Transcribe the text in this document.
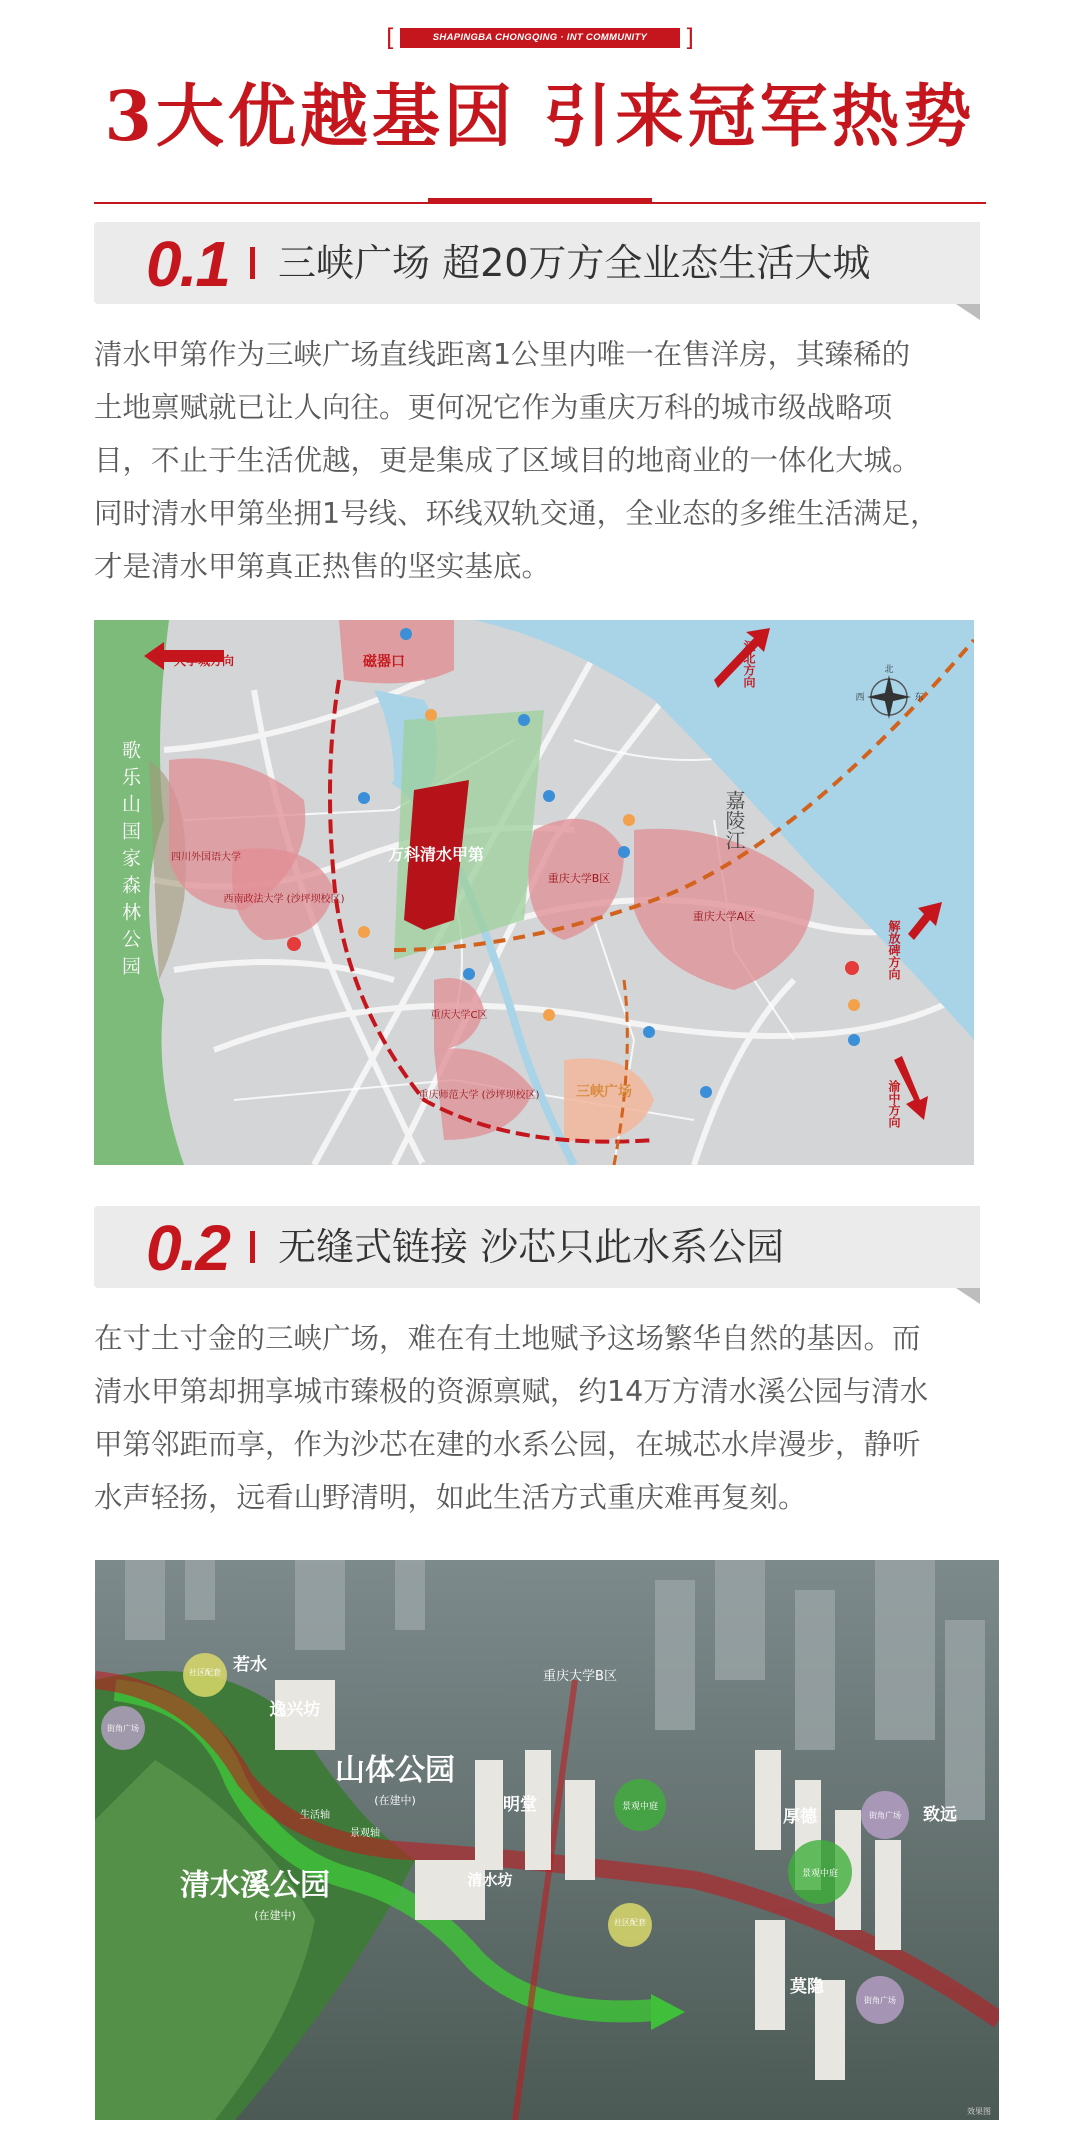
[	SHAPINGBA CHONGQING · INT COMMUNITY	]
3大优越基因 引来冠军热势
0.1 三峡广场 超20万方全业态生活大城
清水甲第作为三峡广场直线距离1公里内唯一在售洋房，其臻稀的
土地禀赋就已让人向往。更何况它作为重庆万科的城市级战略项
目，不止于生活优越，更是集成了区域目的地商业的一体化大城。
同时清水甲第坐拥1号线、环线双轨交通，全业态的多维生活满足，
才是清水甲第真正热售的坚实基底。
北
西	东
大学城方向	磁器口
四川外国语大学
西南政法大学 (沙坪坝校区)
重庆大学B区
重庆大学A区
重庆大学C区
重庆师范大学 (沙坪坝校区)	三峡广场
万科清水甲第
嘉陵江
江北方向
解放碑方向
渝中方向
歌乐山国家森林公园
0.2 无缝式链接 沙芯只此水系公园
在寸土寸金的三峡广场，难在有土地赋予这场繁华自然的基因。而
清水甲第却拥享城市臻极的资源禀赋，约14万方清水溪公园与清水
甲第邻距而享，作为沙芯在建的水系公园，在城芯水岸漫步，静听
水声轻扬，远看山野清明，如此生活方式重庆难再复刻。
山体公园
(在建中)
清水溪公园
(在建中)
重庆大学B区
若水
逸兴坊
明堂
清水坊
厚德	致远
莫隐
景观中庭
景观中庭
社区配套
社区配套
街角广场
街角广场
街角广场
生活轴
景观轴
效果图
